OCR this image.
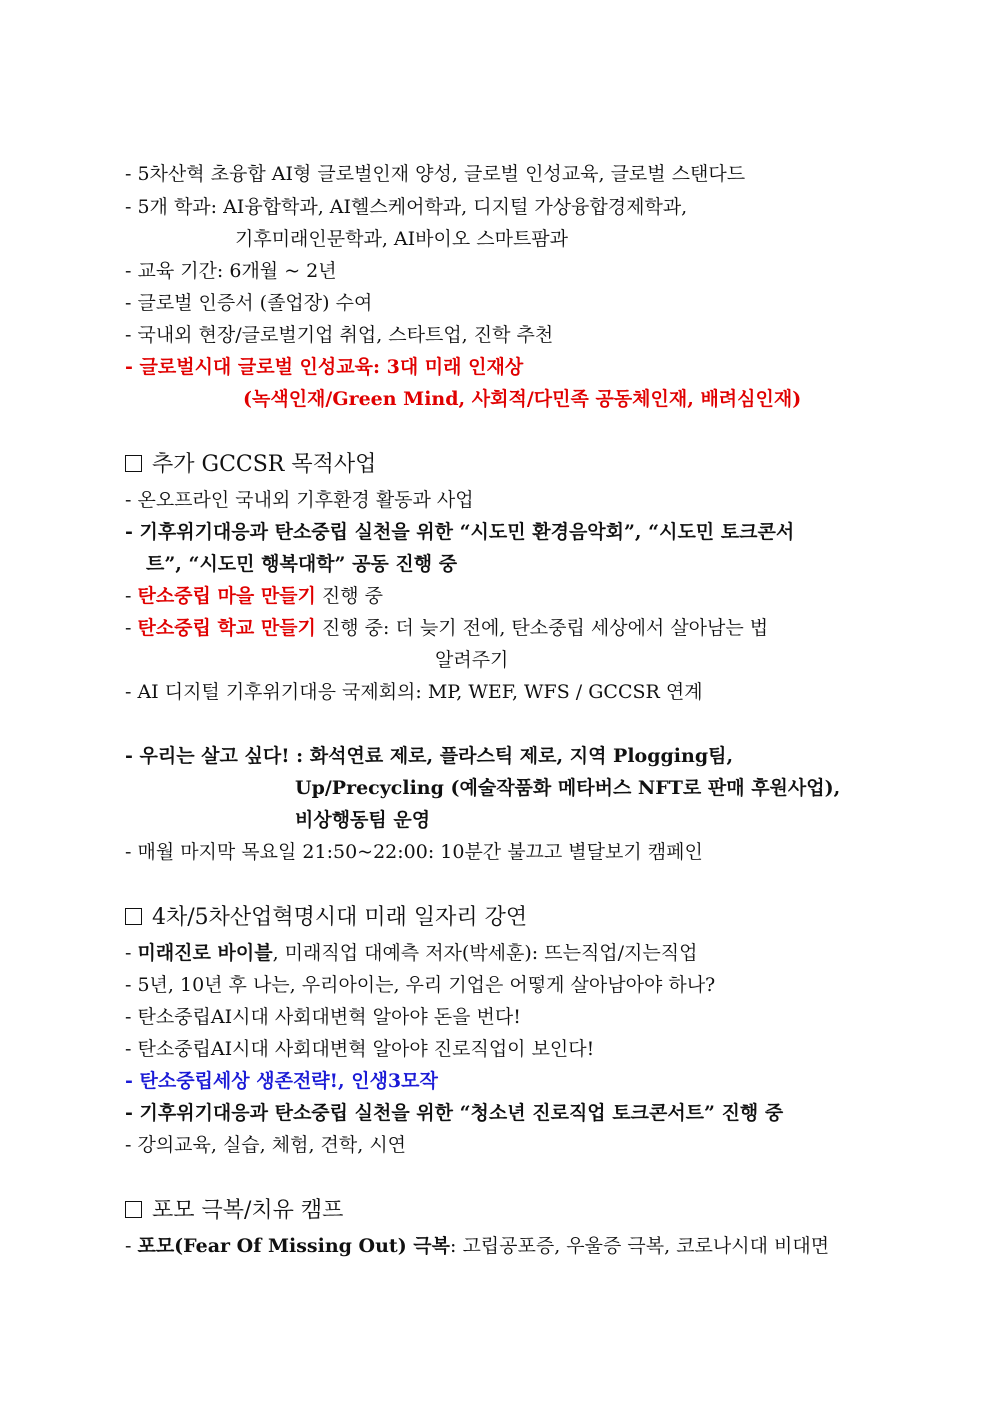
- 5차산혁 초융합 AI형 글로벌인재 양성, 글로벌 인성교육, 글로벌 스탠다드
- 5개 학과: AI융합학과, AI헬스케어학과, 디지털 가상융합경제학과,
기후미래인문학과, AI바이오 스마트팜과
- 교육 기간: 6개월 ~ 2년
- 글로벌 인증서 (졸업장) 수여
- 국내외 현장/글로벌기업 취업, 스타트업, 진학 추천
- 글로벌시대 글로벌 인성교육: 3대 미래 인재상
(녹색인재/Green Mind, 사회적/다민족 공동체인재, 배려심인재)
추가 GCCSR 목적사업
- 온오프라인 국내외 기후환경 활동과 사업
- 기후위기대응과 탄소중립 실천을 위한 “시도민 환경음악회”, “시도민 토크콘서
트”, “시도민 행복대학” 공동 진행 중
- 탄소중립 마을 만들기 진행 중
- 탄소중립 학교 만들기 진행 중: 더 늦기 전에, 탄소중립 세상에서 살아남는 법
알려주기
- AI 디지털 기후위기대응 국제회의: MP, WEF, WFS / GCCSR 연계
- 우리는 살고 싶다! : 화석연료 제로, 플라스틱 제로, 지역 Plogging팀,
Up/Precycling (예술작품화 메타버스 NFT로 판매 후원사업),
비상행동팀 운영
- 매월 마지막 목요일 21:50~22:00: 10분간 불끄고 별달보기 캠페인
4차/5차산업혁명시대 미래 일자리 강연
- 미래진로 바이블, 미래직업 대예측 저자(박세훈): 뜨는직업/지는직업
- 5년, 10년 후 나는, 우리아이는, 우리 기업은 어떻게 살아남아야 하나?
- 탄소중립AI시대 사회대변혁 알아야 돈을 번다!
- 탄소중립AI시대 사회대변혁 알아야 진로직업이 보인다!
- 탄소중립세상 생존전략!, 인생3모작
- 기후위기대응과 탄소중립 실천을 위한 “청소년 진로직업 토크콘서트” 진행 중
- 강의교육, 실습, 체험, 견학, 시연
포모 극복/치유 캠프
- 포모(Fear Of Missing Out) 극복: 고립공포증, 우울증 극복, 코로나시대 비대면
